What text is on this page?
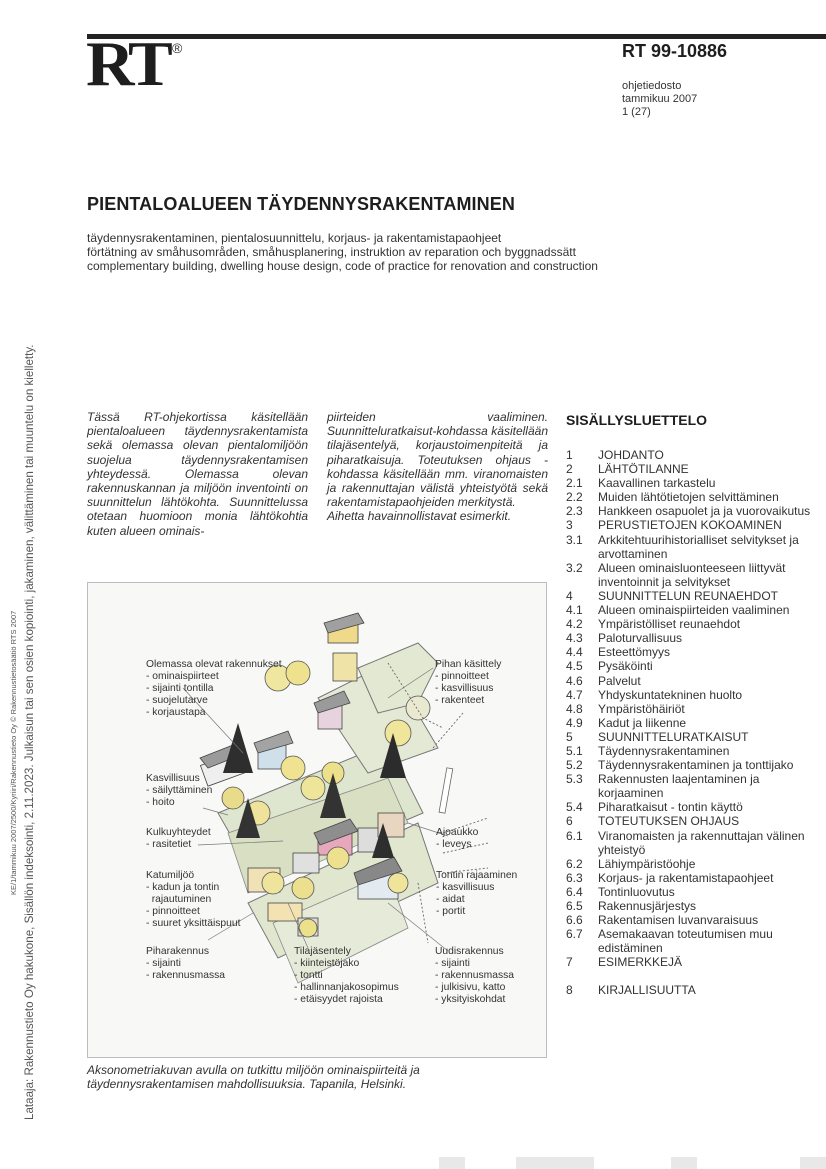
RT ®	RT 99-10886
ohjetiedosto
tammikuu 2007
1 (27)
PIENTALOALUEEN TÄYDENNYSRAKENTAMINEN
täydennysrakentaminen, pientalosuunnittelu, korjaus- ja rakentamistapaohjeet
förtätning av småhusområden, småhusplanering, instruktion av reparation och byggnadssätt
complementary building, dwelling house design, code of practice for renovation and construction
KE/1/tammikuu 2007/2500/Kyriiri/Rakennustieto Oy © Rakennustietosäätiö RTS 2007 Lataaja: Rakennustieto Oy hakukone, Sisällön indeksointi, 2.11.2023. Julkaisun tai sen osien kopiointi, jakaminen, välittäminen tai muuntelu on kielletty.	Tässä RT-ohjekortissa käsitellään pientaloalueen täydennysrakentamista sekä olemassa olevan pientalomiljöön suojelua täydennysrakentamisen yhteydessä. Olemassa olevan rakennuskannan ja miljöön inventointi on suunnittelun lähtökohta. Suunnittelussa otetaan huomioon monia lähtökohtia kuten alueen ominais-
piirteiden vaaliminen. Suunnitteluratkaisut-kohdassa käsitellään tilajäsentelyä, korjaustoimenpiteitä ja piharatkaisuja. Toteutuksen ohjaus -kohdassa käsitellään mm. viranomaisten ja rakennuttajan välistä yhteistyötä sekä rakentamistapaohjeiden merkitystä.
Aihetta havainnollistavat esimerkit.
SISÄLLYSLUETTELO
1	JOHDANTO
2	LÄHTÖTILANNE
2.1	Kaavallinen tarkastelu
2.2	Muiden lähtötietojen selvittäminen
2.3	Hankkeen osapuolet ja ja vuorovaikutus
3	PERUSTIETOJEN KOKOAMINEN
3.1	Arkkitehtuurihistorialliset selvitykset ja arvottaminen
3.2	Alueen ominaisluonteeseen liittyvät inventoinnit ja selvitykset
4	SUUNNITTELUN REUNAEHDOT
4.1	Alueen ominaispiirteiden vaaliminen
4.2	Ympäristölliset reunaehdot
4.3	Paloturvallisuus
4.4	Esteettömyys
4.5	Pysäköinti
4.6	Palvelut
4.7	Yhdyskuntatekninen huolto
4.8	Ympäristöhäiriöt
4.9	Kadut ja liikenne
5	SUUNNITTELURATKAISUT
5.1	Täydennysrakentaminen
5.2	Täydennysrakentaminen ja tonttijako
5.3	Rakennusten laajentaminen ja korjaaminen
5.4	Piharatkaisut - tontin käyttö
6	TOTEUTUKSEN OHJAUS
6.1	Viranomaisten ja rakennuttajan välinen yhteistyö
6.2	Lähiympäristöohje
6.3	Korjaus- ja rakentamistapaohjeet
6.4	Tontinluovutus
6.5	Rakennusjärjestys
6.6	Rakentamisen luvanvaraisuus
6.7	Asemakaavan toteutumisen muu edistäminen
7	ESIMERKKEJÄ
8	KIRJALLISUUTTA
Olemassa olevat rakennukset
- ominaispiirteet
- sijainti tontilla
- suojelutarve
- korjaustapa
Pihan käsittely
- pinnoitteet
- kasvillisuus
- rakenteet
Kasvillisuus
- säilyttäminen
- hoito
Kulkuyhteydet
- rasitetiet
Ajoaukko
- leveys
Katumiljöö
- kadun ja tontin
rajautuminen
- pinnoitteet
- suuret yksittäispuut
Tontin rajaaminen
- kasvillisuus
- aidat
- portit
Piharakennus
- sijainti
- rakennusmassa
Tilajäsentely
- kiinteistöjako
- tontti
- hallinnanjakosopimus
- etäisyydet rajoista
Uudisrakennus
- sijainti
- rakennusmassa
- julkisivu, katto
- yksityiskohdat
Aksonometriakuvan avulla on tutkittu miljöön ominaispiirteitä ja täydennysrakentamisen mahdollisuuksia. Tapanila, Helsinki.
